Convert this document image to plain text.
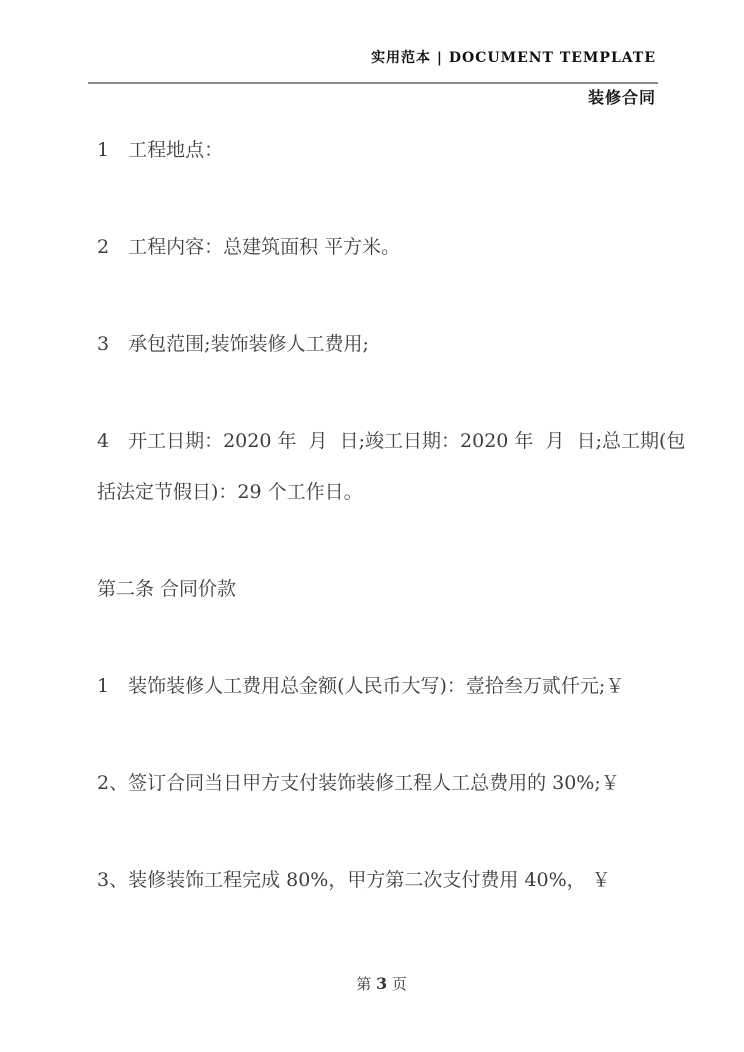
实用范本 | DOCUMENT TEMPLATE
装修合同

1　工程地点：

2　工程内容：总建筑面积 平方米。

3　承包范围;装饰装修人工费用;

4　开工日期：2020 年  月  日;竣工日期：2020 年  月  日;总工期(包
括法定节假日)：29 个工作日。

第二条 合同价款

1　装饰装修人工费用总金额(人民币大写)：壹拾叁万贰仟元;￥

2、签订合同当日甲方支付装饰装修工程人工总费用的 30%;￥

3、装修装饰工程完成 80%，甲方第二次支付费用 40%， ￥

第 3 页
